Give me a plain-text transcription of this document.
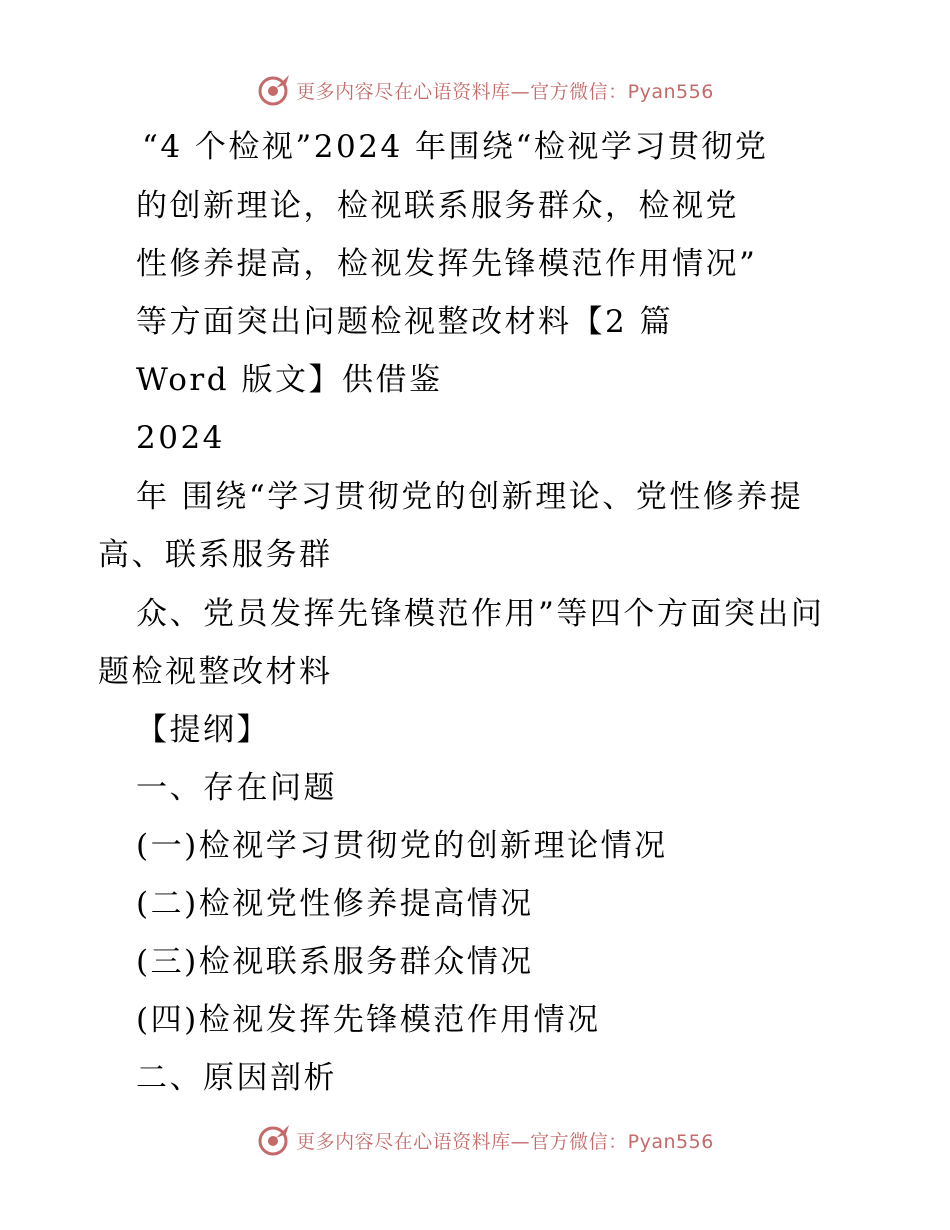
更多内容尽在心语资料库—官方微信：Pyan556
“4 个检视”2024 年围绕“检视学习贯彻党
的创新理论，检视联系服务群众，检视党
性修养提高，检视发挥先锋模范作用情况”
等方面突出问题检视整改材料【2 篇
Word 版文】供借鉴
2024
年 围绕“学习贯彻党的创新理论、党性修养提
高、联系服务群
众、党员发挥先锋模范作用”等四个方面突出问
题检视整改材料
【提纲】
一、存在问题
(一)检视学习贯彻党的创新理论情况
(二)检视党性修养提高情况
(三)检视联系服务群众情况
(四)检视发挥先锋模范作用情况
二、原因剖析
更多内容尽在心语资料库—官方微信：Pyan556
